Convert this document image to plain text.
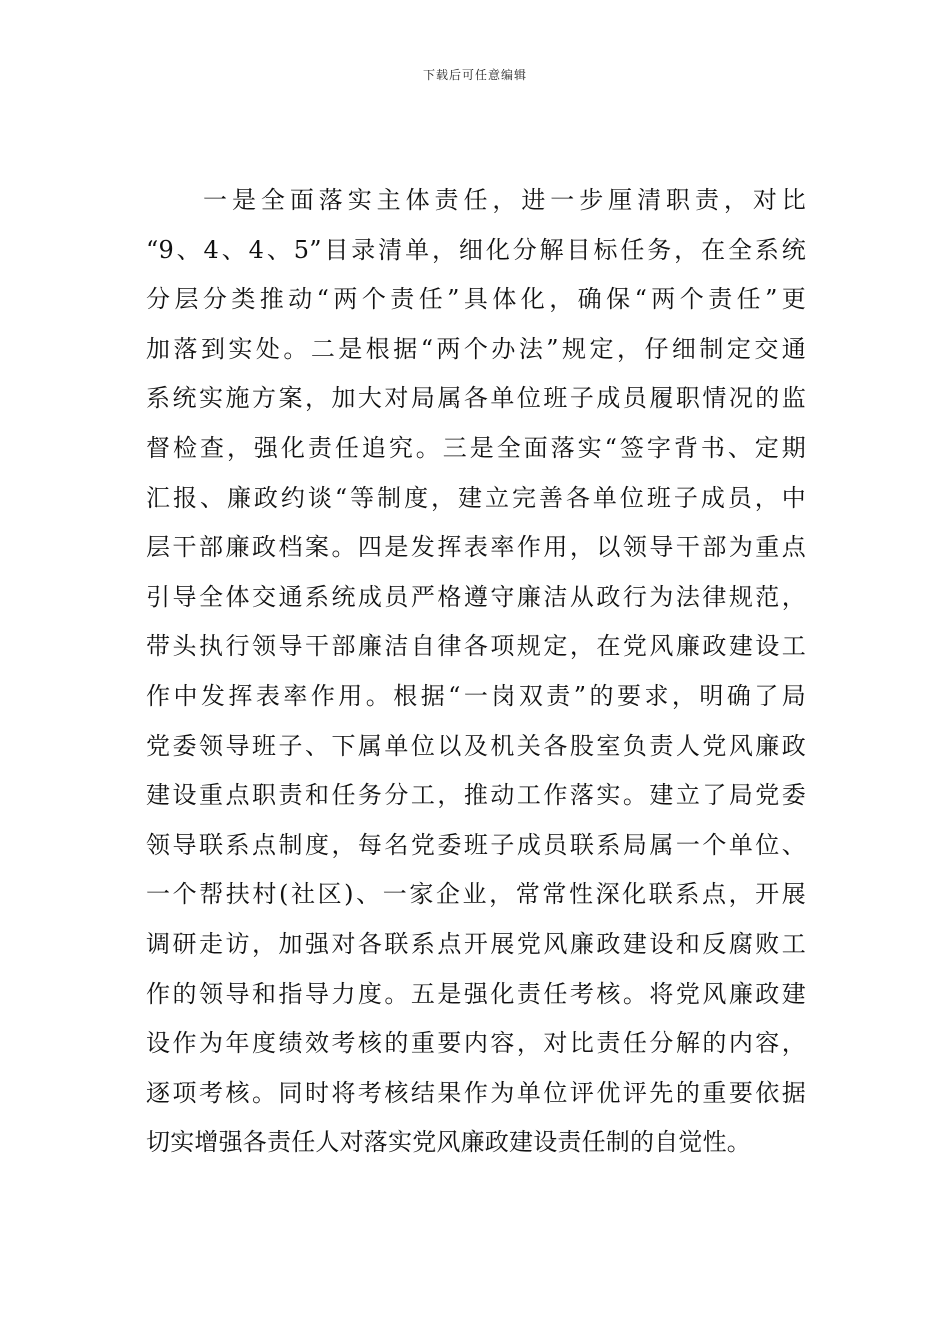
下载后可任意编辑
一是全面落实主体责任，进一步厘清职责，对比
“9、4、4、5”目录清单，细化分解目标任务，在全系统
分层分类推动“两个责任”具体化，确保“两个责任”更
加落到实处。二是根据“两个办法”规定，仔细制定交通
系统实施方案，加大对局属各单位班子成员履职情况的监
督检查，强化责任追究。三是全面落实“签字背书、定期
汇报、廉政约谈“等制度，建立完善各单位班子成员，中
层干部廉政档案。四是发挥表率作用，以领导干部为重点
引导全体交通系统成员严格遵守廉洁从政行为法律规范，
带头执行领导干部廉洁自律各项规定，在党风廉政建设工
作中发挥表率作用。根据“一岗双责”的要求，明确了局
党委领导班子、下属单位以及机关各股室负责人党风廉政
建设重点职责和任务分工，推动工作落实。建立了局党委
领导联系点制度，每名党委班子成员联系局属一个单位、
一个帮扶村(社区)、一家企业，常常性深化联系点，开展
调研走访，加强对各联系点开展党风廉政建设和反腐败工
作的领导和指导力度。五是强化责任考核。将党风廉政建
设作为年度绩效考核的重要内容，对比责任分解的内容，
逐项考核。同时将考核结果作为单位评优评先的重要依据
切实增强各责任人对落实党风廉政建设责任制的自觉性。
